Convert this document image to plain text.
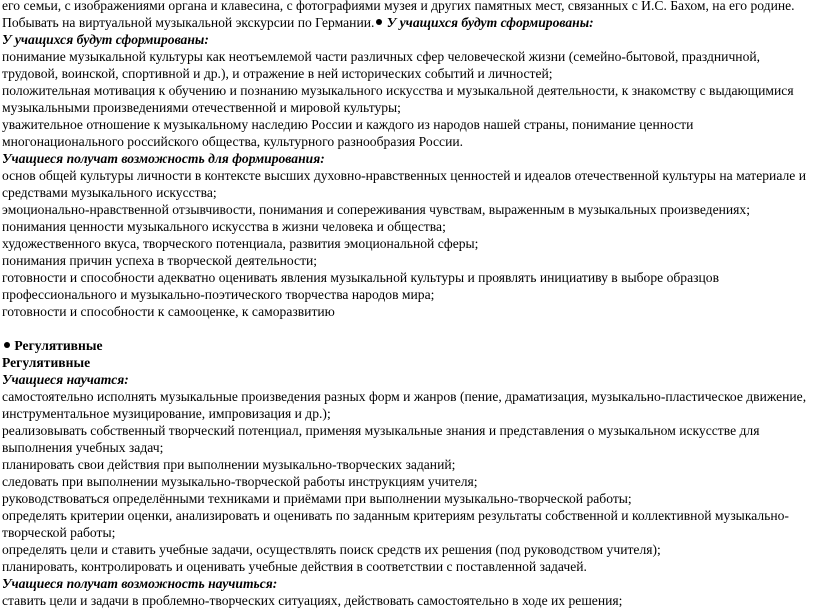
его семьи, с изображениями органа и клавесина, с фотографиями музея и других памятных мест, связанных с И.С. Бахом, на его родине. Побывать на виртуальной музыкальной экскурсии по Германии. У учащихся будут сформированы:

У учащихся будут сформированы:

понимание музыкальной культуры как неотъемлемой части различных сфер человеческой жизни (семейно-бытовой, праздничной, трудовой, воинской, спортивной и др.), и отражение в ней исторических событий и личностей;

положительная мотивация к обучению и познанию музыкального искусства и музыкальной деятельности, к знакомству с выдающимися музыкальными произведениями отечественной и мировой культуры;

уважительное отношение к музыкальному наследию России и каждого из народов нашей страны, понимание ценности многонационального российского общества, культурного разнообразия России.

Учащиеся получат возможность для формирования:

основ общей культуры личности в контексте высших духовно-нравственных ценностей и идеалов отечественной культуры на материале и средствами музыкального искусства;

эмоционально-нравственной отзывчивости, понимания и сопереживания чувствам, выраженным в музыкальных произведениях;

понимания ценности музыкального искусства в жизни человека и общества;

художественного вкуса, творческого потенциала, развития эмоциональной сферы;

понимания причин успеха в творческой деятельности;

готовности и способности адекватно оценивать явления музыкальной культуры и проявлять инициативу в выборе образцов профессионального и музыкально-поэтического творчества народов мира;

готовности и способности к самооценке, к саморазвитию

Регулятивные

Регулятивные

Учащиеся научатся:

самостоятельно исполнять музыкальные произведения разных форм и жанров (пение, драматизация, музыкально-пластическое движение, инструментальное музицирование, импровизация и др.);

реализовывать собственный творческий потенциал, применяя музыкальные знания и представления о музыкальном искусстве для выполнения учебных задач;

планировать свои действия при выполнении музыкально-творческих заданий;

следовать при выполнении музыкально-творческой работы инструкциям учителя;

руководствоваться определёнными техниками и приёмами при выполнении музыкально-творческой работы;

определять критерии оценки, анализировать и оценивать по заданным критериям результаты собственной и коллективной музыкально-творческой работы;

определять цели и ставить учебные задачи, осуществлять поиск средств их решения (под руководством учителя);

планировать, контролировать и оценивать учебные действия в соответствии с поставленной задачей.

Учащиеся получат возможность научиться:

ставить цели и задачи в проблемно-творческих ситуациях, действовать самостоятельно в ходе их решения;
